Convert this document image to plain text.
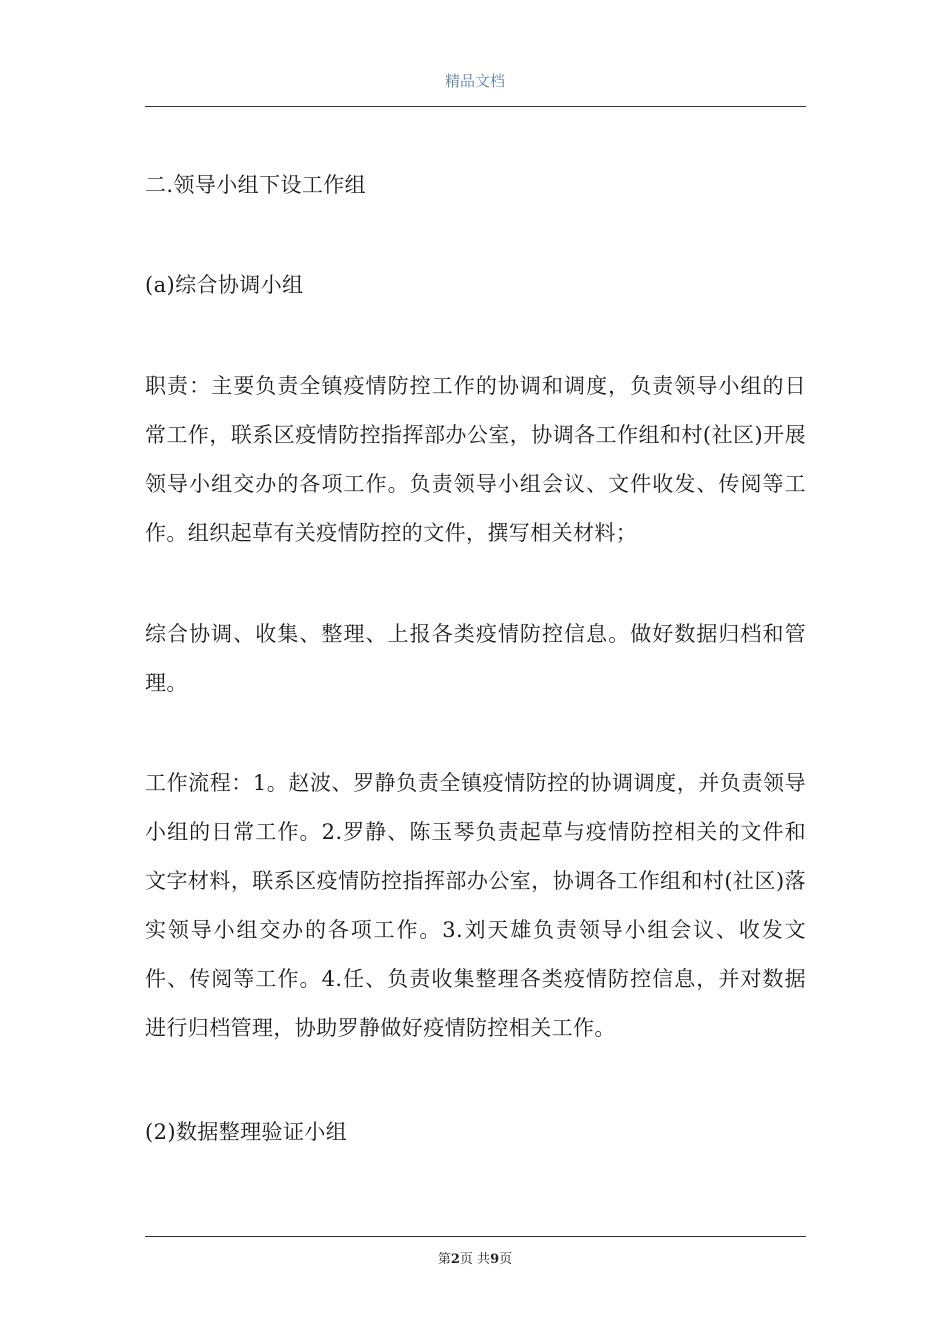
精品文档
二.领导小组下设工作组
(a)综合协调小组
职责：主要负责全镇疫情防控工作的协调和调度，负责领导小组的日常工作，联系区疫情防控指挥部办公室，协调各工作组和村(社区)开展领导小组交办的各项工作。负责领导小组会议、文件收发、传阅等工作。组织起草有关疫情防控的文件，撰写相关材料；
综合协调、收集、整理、上报各类疫情防控信息。做好数据归档和管理。
工作流程：1。赵波、罗静负责全镇疫情防控的协调调度，并负责领导小组的日常工作。2.罗静、陈玉琴负责起草与疫情防控相关的文件和文字材料，联系区疫情防控指挥部办公室，协调各工作组和村(社区)落实领导小组交办的各项工作。3.刘天雄负责领导小组会议、收发文件、传阅等工作。4.任、负责收集整理各类疫情防控信息，并对数据进行归档管理，协助罗静做好疫情防控相关工作。
(2)数据整理验证小组
第2页 共9页
